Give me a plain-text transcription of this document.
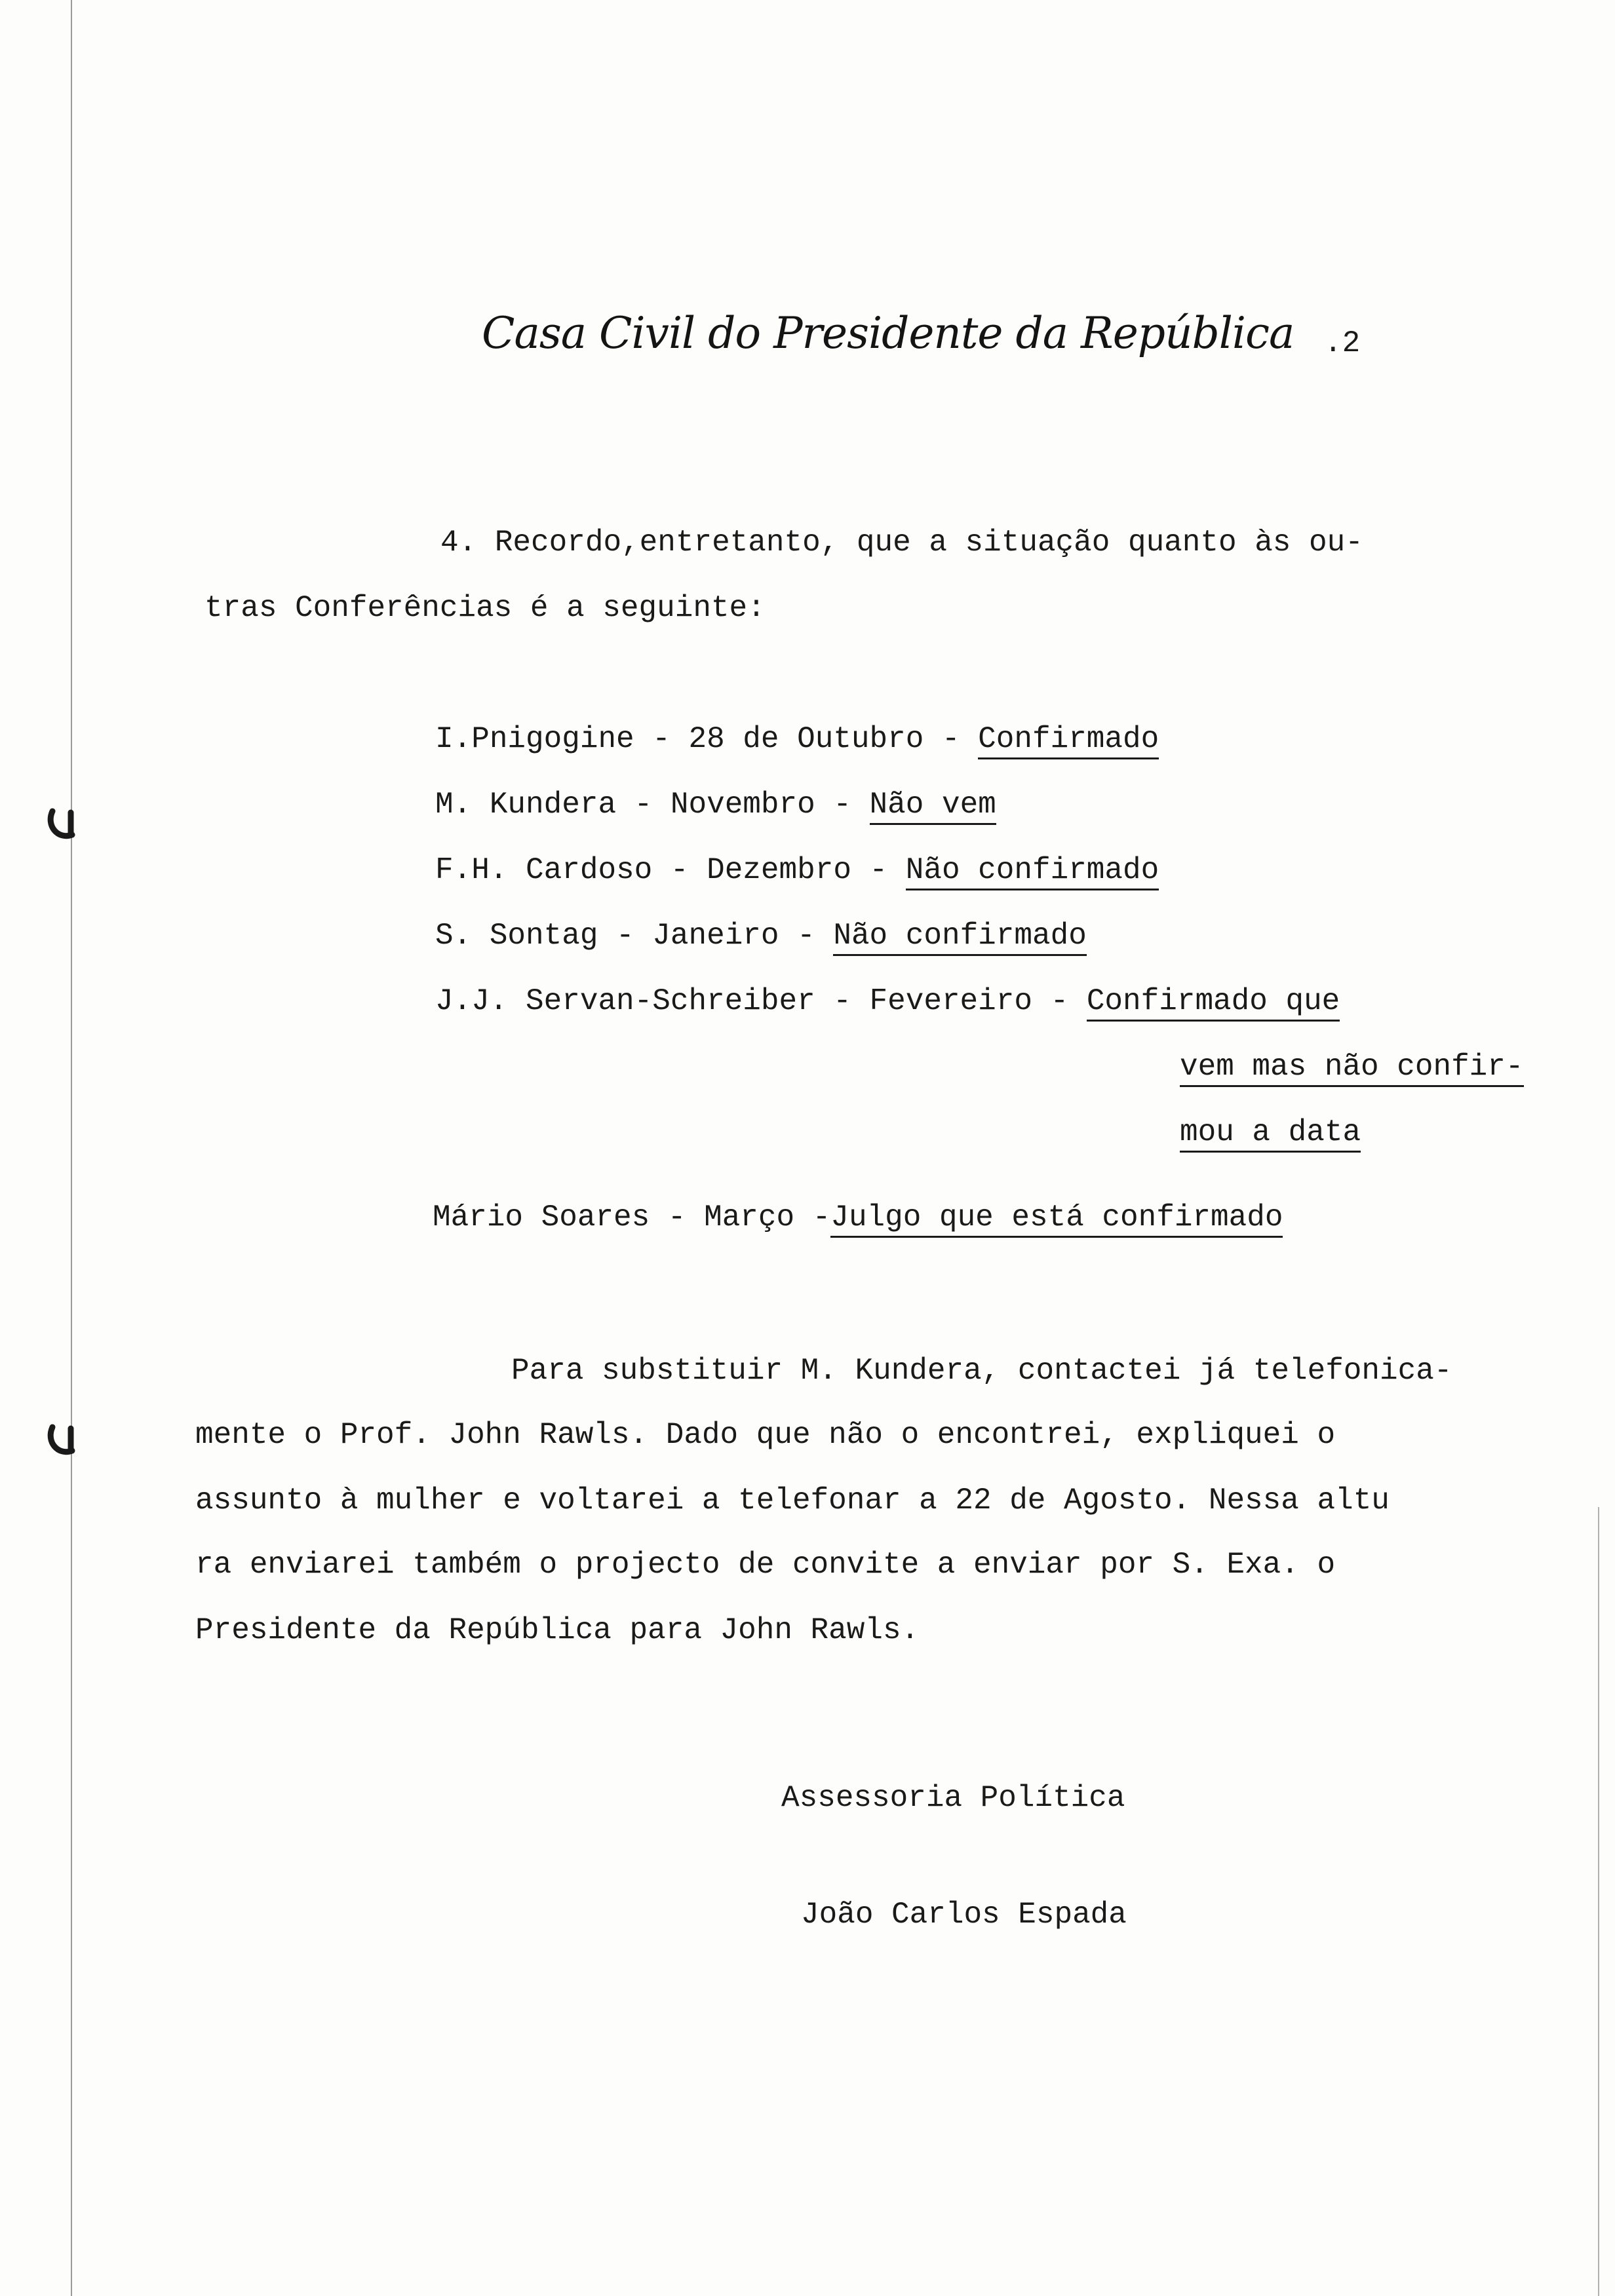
Casa Civil do Presidente da República .2
4. Recordo,entretanto, que a situação quanto às ou-
tras Conferências é a seguinte:
I.Pnigogine - 28 de Outubro - Confirmado
M. Kundera - Novembro - Não vem
F.H. Cardoso - Dezembro - Não confirmado
S. Sontag - Janeiro - Não confirmado
J.J. Servan-Schreiber - Fevereiro - Confirmado que
vem mas não confir-
mou a data
Mário Soares - Março -Julgo que está confirmado
Para substituir M. Kundera, contactei já telefonica-
mente o Prof. John Rawls. Dado que não o encontrei, expliquei o
assunto à mulher e voltarei a telefonar a 22 de Agosto. Nessa altu
ra enviarei também o projecto de convite a enviar por S. Exa. o
Presidente da República para John Rawls.
Assessoria Política
João Carlos Espada
